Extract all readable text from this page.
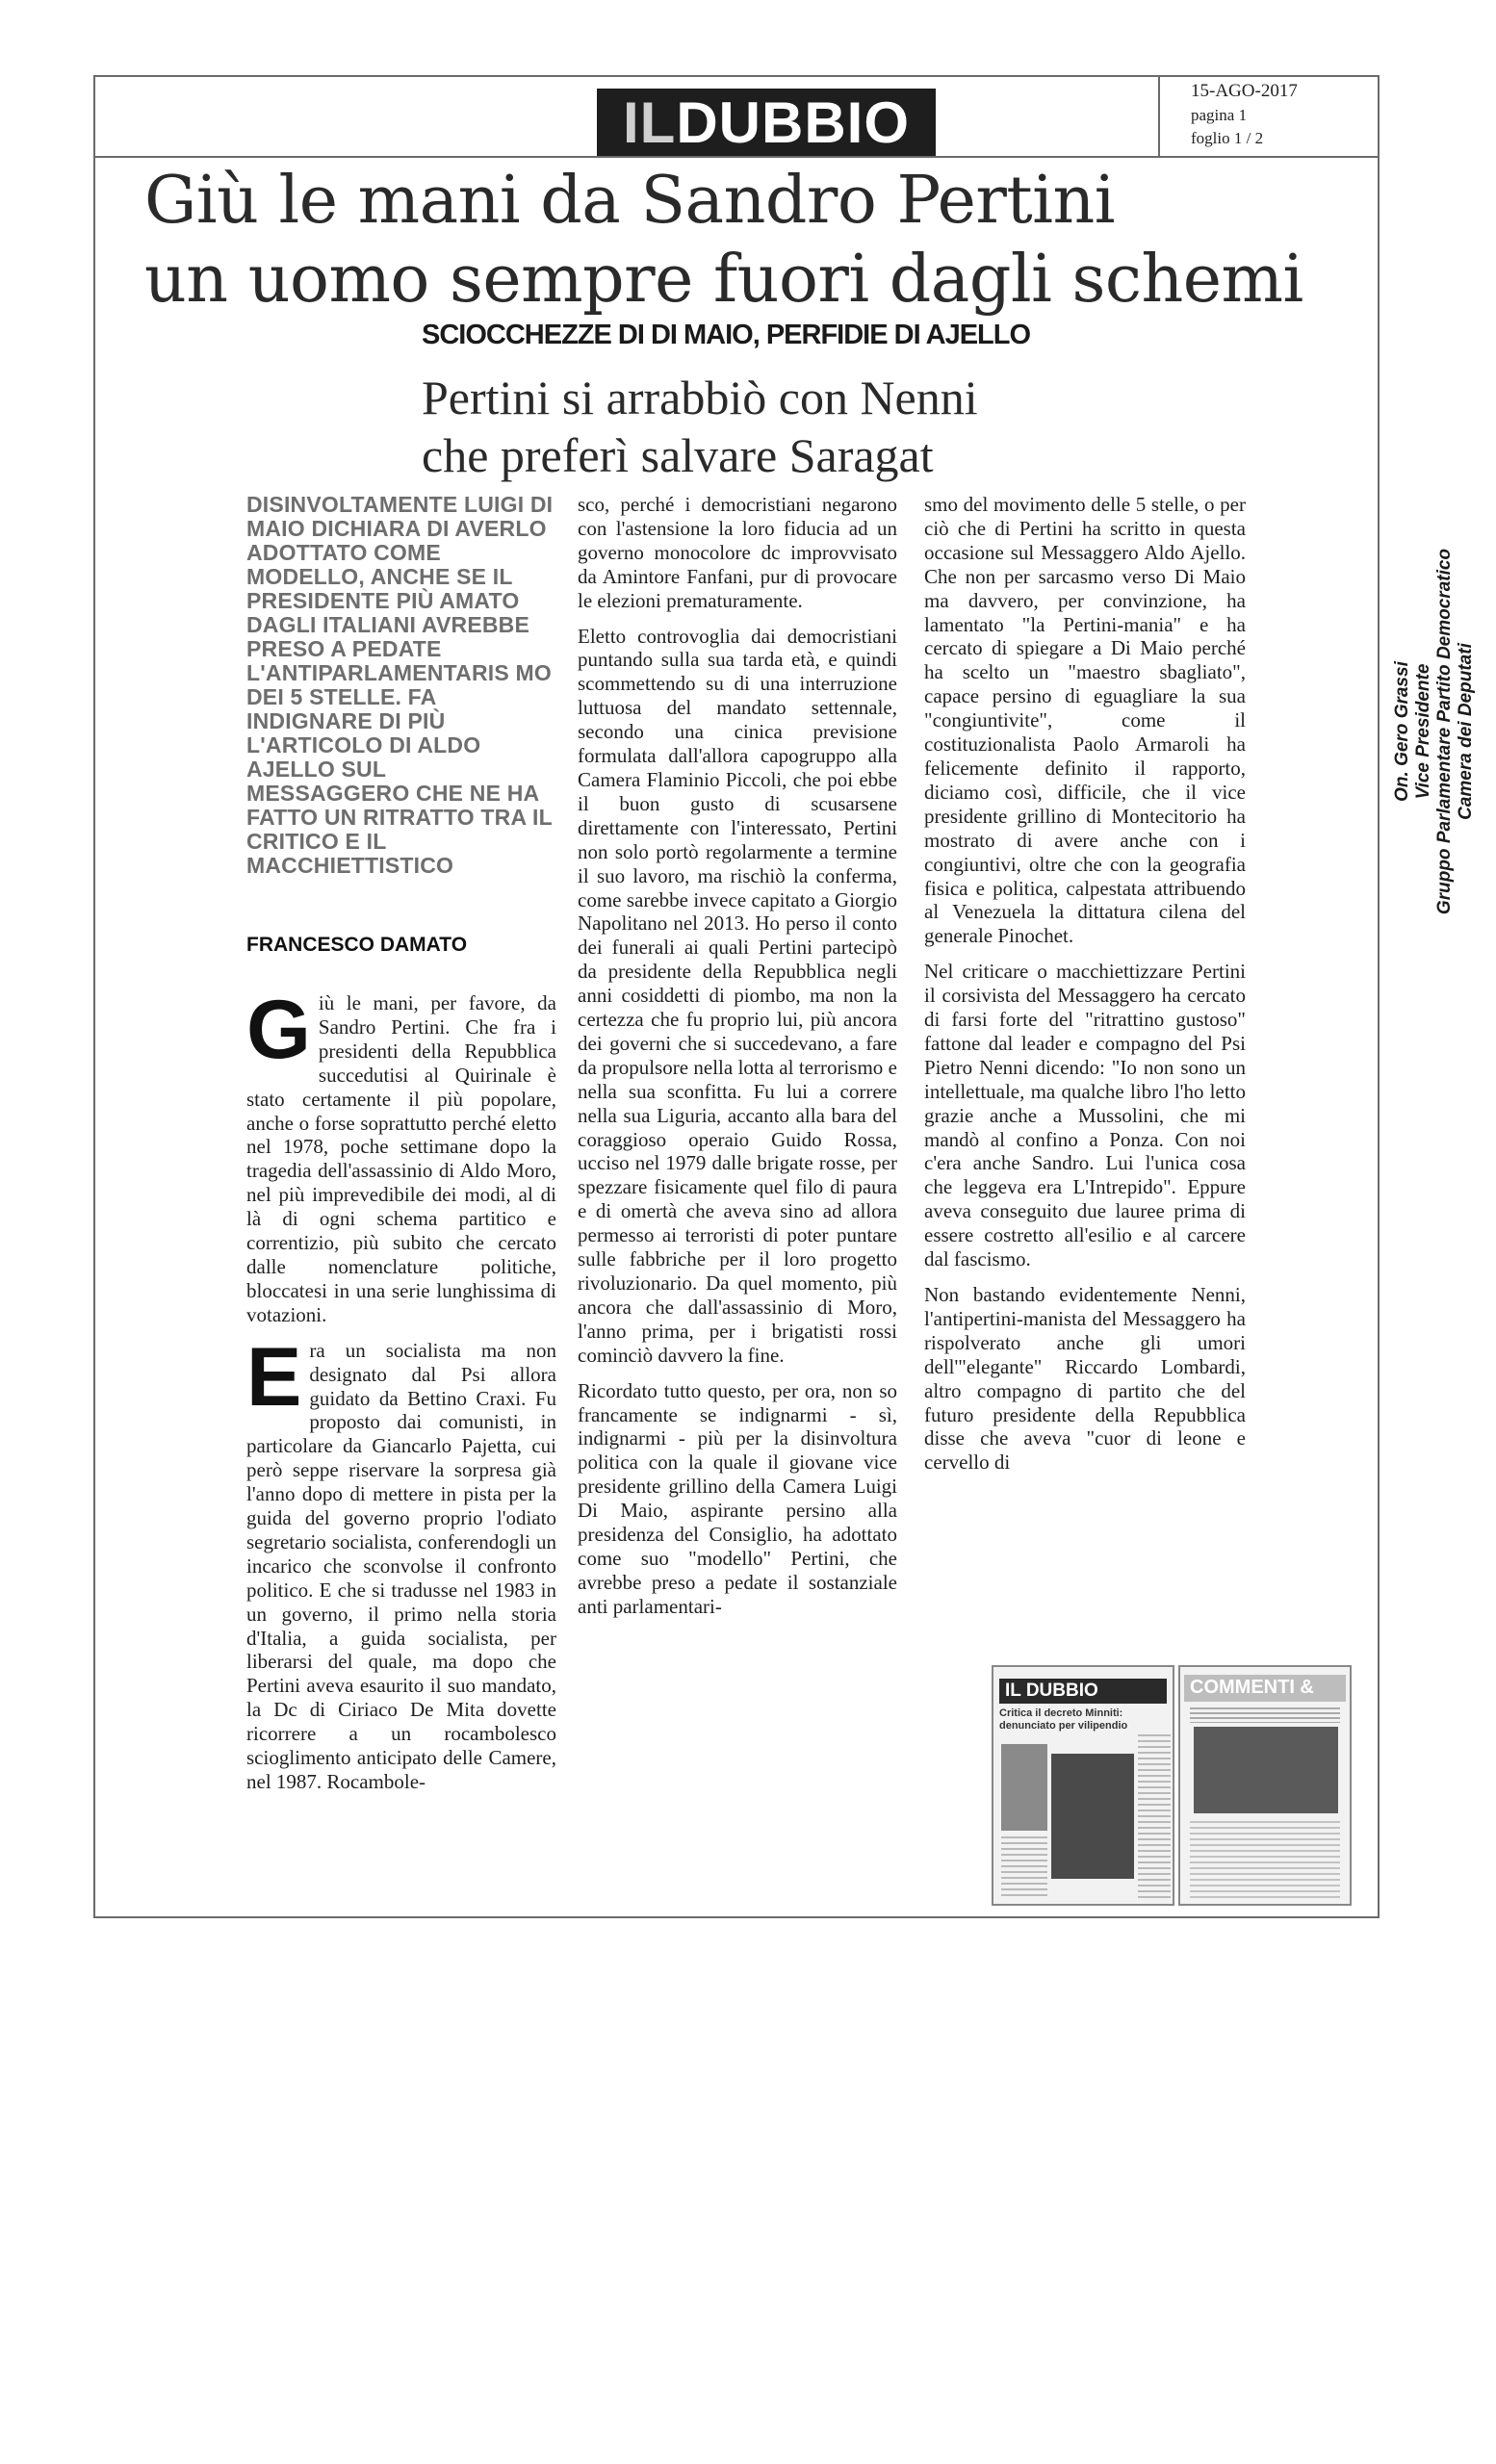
IL DUBBIO	15-AGO-2017
pagina 1
foglio 1 / 2
Giù le mani da Sandro Pertini
un uomo sempre fuori dagli schemi
SCIOCCHEZZE DI DI MAIO, PERFIDIE DI AJELLO
Pertini si arrabbiò con Nenni
che preferì salvare Saragat
DISINVOLTAMENTE LUIGI DI MAIO DICHIARA DI AVERLO ADOTTATO COME MODELLO, ANCHE SE IL PRESIDENTE PIÙ AMATO DAGLI ITALIANI AVREBBE PRESO A PEDATE L'ANTIPARLAMENTARIS MO DEI 5 STELLE. FA INDIGNARE DI PIÙ L'ARTICOLO DI ALDO AJELLO SUL MESSAGGERO CHE NE HA FATTO UN RITRATTO TRA IL CRITICO E IL MACCHIETTISTICO
FRANCESCO DAMATO

Giù le mani, per favore, da Sandro Pertini. Che fra i presidenti della Repubblica succedutisi al Quirinale è stato certamente il più popolare, anche o forse soprattutto perché eletto nel 1978, poche settimane dopo la tragedia dell'assassinio di Aldo Moro, nel più imprevedibile dei modi, al di là di ogni schema partitico e correntizio, più subito che cercato dalle nomenclature politiche, bloccatesi in una serie lunghissima di votazioni.

Era un socialista ma non designato dal Psi allora guidato da Bettino Craxi. Fu proposto dai comunisti, in particolare da Giancarlo Pajetta, cui però seppe riservare la sorpresa già l'anno dopo di mettere in pista per la guida del governo proprio l'odiato segretario socialista, conferendogli un incarico che sconvolse il confronto politico. E che si tradusse nel 1983 in un governo, il primo nella storia d'Italia, a guida socialista, per liberarsi del quale, ma dopo che Pertini aveva esaurito il suo mandato, la Dc di Ciriaco De Mita dovette ricorrere a un rocambolesco scioglimento anticipato delle Camere, nel 1987. Rocambole-

sco, perché i democristiani negarono con l'astensione la loro fiducia ad un governo monocolore dc improvvisato da Amintore Fanfani, pur di provocare le elezioni prematuramente.

Eletto controvoglia dai democristiani puntando sulla sua tarda età, e quindi scommettendo su di una interruzione luttuosa del mandato settennale, secondo una cinica previsione formulata dall'allora capogruppo alla Camera Flaminio Piccoli, che poi ebbe il buon gusto di scusarsene direttamente con l'interessato, Pertini non solo portò regolarmente a termine il suo lavoro, ma rischiò la conferma, come sarebbe invece capitato a Giorgio Napolitano nel 2013. Ho perso il conto dei funerali ai quali Pertini partecipò da presidente della Repubblica negli anni cosiddetti di piombo, ma non la certezza che fu proprio lui, più ancora dei governi che si succedevano, a fare da propulsore nella lotta al terrorismo e nella sua sconfitta. Fu lui a correre nella sua Liguria, accanto alla bara del coraggioso operaio Guido Rossa, ucciso nel 1979 dalle brigate rosse, per spezzare fisicamente quel filo di paura e di omertà che aveva sino ad allora permesso ai terroristi di poter puntare sulle fabbriche per il loro progetto rivoluzionario. Da quel momento, più ancora che dall'assassinio di Moro, l'anno prima, per i brigatisti rossi cominciò davvero la fine.

Ricordato tutto questo, per ora, non so francamente se indignarmi - sì, indignarmi - più per la disinvoltura politica con la quale il giovane vice presidente grillino della Camera Luigi Di Maio, aspirante persino alla presidenza del Consiglio, ha adottato come suo "modello" Pertini, che avrebbe preso a pedate il sostanziale anti parlamentari-

smo del movimento delle 5 stelle, o per ciò che di Pertini ha scritto in questa occasione sul Messaggero Aldo Ajello. Che non per sarcasmo verso Di Maio ma davvero, per convinzione, ha lamentato "la Pertini-mania" e ha cercato di spiegare a Di Maio perché ha scelto un "maestro sbagliato", capace persino di eguagliare la sua "congiuntivite", come il costituzionalista Paolo Armaroli ha felicemente definito il rapporto, diciamo così, difficile, che il vice presidente grillino di Montecitorio ha mostrato di avere anche con i congiuntivi, oltre che con la geografia fisica e politica, calpestata attribuendo al Venezuela la dittatura cilena del generale Pinochet.

Nel criticare o macchiettizzare Pertini il corsivista del Messaggero ha cercato di farsi forte del "ritrattino gustoso" fattone dal leader e compagno del Psi Pietro Nenni dicendo: "Io non sono un intellettuale, ma qualche libro l'ho letto grazie anche a Mussolini, che mi mandò al confino a Ponza. Con noi c'era anche Sandro. Lui l'unica cosa che leggeva era L'Intrepido". Eppure aveva conseguito due lauree prima di essere costretto all'esilio e al carcere dal fascismo.

Non bastando evidentemente Nenni, l'antipertini-manista del Messaggero ha rispolverato anche gli umori dell'"elegante" Riccardo Lombardi, altro compagno di partito che del futuro presidente della Repubblica disse che aveva "cuor di leone e cervello di

On. Gero Grassi Vice Presidente Gruppo Parlamentare Partito Democratico Camera dei Deputati
IL DUBBIO
Critica il decreto Minniti: denunciato per vilipendio
COMMENTI &
